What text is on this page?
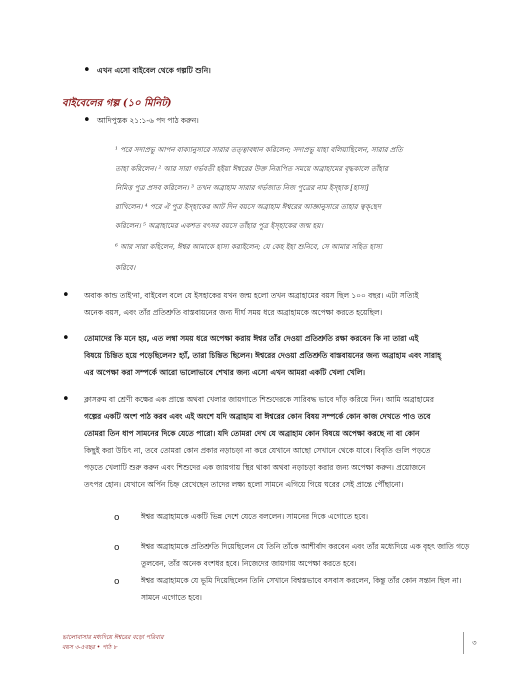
• এখন এসো বাইবেল থেকে গল্পটি শুনি।
বাইবেলের গল্প (১০ মিনিট)
• আদিপুস্তক ২১:১-৬ পদ পাঠ করুন।
¹ পরে সদাপ্রভু আপন বাক্যানুসারে সারার তত্ত্বাবধান করিলেন; সদাপ্রভু যাহা বলিয়াছিলেন, সারার প্রতি
তাহা করিলেন। ² আর সারা গর্ভবতী হইয়া ঈশ্বরের উক্ত নিরূপিত সময়ে অব্রাহামের বৃদ্ধকালে তাঁহার
নিমিত্ত পুত্র প্রসব করিলেন। ³ তখন অব্রাহাম সারার গর্ভজাত নিজ পুত্রের নাম ইস্‌হাক [হাস্য]
রাখিলেন। ⁴ পরে ঐ পুত্র ইস্‌হাকের আট দিন বয়সে অব্রাহাম ঈশ্বরের আজ্ঞানুসারে তাহার ত্বক্‌ছেদ
করিলেন। ⁵ অব্রাহামের একশত বৎসর বয়সে তাঁহার পুত্র ইস্‌হাকের জন্ম হয়।
⁶ আর সারা কহিলেন, ঈশ্বর আমাকে হাস্য করাইলেন; যে কেহ ইহা শুনিবে, সে আমার সহিত হাস্য
করিবে।
• অবাক কান্ড তাই'না, বাইবেল বলে যে ইসহাকের যখন জন্ম হলো তখন অব্রাহামের বয়স ছিল ১০০ বছর। এটা সত্যিই
অনেক বয়স, এবং তাঁর প্রতিশ্রুতি বাস্তবায়নের জন্য দীর্ঘ সময় ধরে অব্রাহামকে অপেক্ষা করতে হয়েছিল।
• তোমাদের কি মনে হয়, এত লম্বা সময় ধরে অপেক্ষা করায় ঈশ্বর তাঁর দেওয়া প্রতিশ্রুতি রক্ষা করবেন কি না তারা এই
বিষয়ে চিন্তিত হয়ে পড়েছিলেন? হ্যাঁ, তারা চিন্তিত ছিলেন। ঈশ্বরের দেওয়া প্রতিশ্রুতি বাস্তবায়নের জন্য অব্রাহাম এবং সারাহ্‌
এর অপেক্ষা করা সম্পর্কে আরো ভালোভাবে শেখার জন্য এসো এখন আমরা একটি খেলা খেলি।
• ক্লাসরুম বা শ্রেণী কক্ষের এক প্রান্তে অথবা খেলার জায়গাতে শিশুদেরকে সারিবদ্ধ ভাবে দাঁড় করিয়ে দিন। আমি অব্রাহামের
গল্পের একটি অংশ পাঠ করব এবং এই অংশে যদি অব্রাহাম বা ঈশ্বরের কোন বিষয় সম্পর্কে কোন কাজ দেখতে পাও তবে
তোমরা তিন ধাপ সামনের দিকে যেতে পারো। যদি তোমরা দেখ যে অব্রাহাম কোন বিষয়ে অপেক্ষা করছে না বা কোন
কিছুই করা উচিৎ না, তবে তোমরা কোন প্রকার নড়াচড়া না করে যেখানে আছো সেখানে থেকে যাবে। বিবৃতি গুলি পড়তে
পড়তে খেলাটি শুরু করুন এবং শিশুদের এক জায়গায় স্থির থাকা অথবা নড়াচড়া করার জন্য অপেক্ষা করুন। প্রয়োজনে
তৎপর হোন। যেখানে অর্পিন চিহ্ন রেখেছেন তাদের লক্ষ্য হলো সামনে এগিয়ে গিয়ে ঘরের সেই প্রান্তে পৌঁছানো।
o	ঈশ্বর অব্রাহামকে একটি ভিন্ন দেশে যেতে বললেন। সামনের দিকে এগোতে হবে।
o	ঈশ্বর অব্রাহামকে প্রতিশ্রুতি দিয়েছিলেন যে তিনি তাঁকে আশীর্বাদ করবেন এবং তাঁর মধ্যেদিয়ে এক বৃহৎ জাতি গড়ে
তুলবেন, তাঁর অনেক বংশধর হবে। নিজেদের জায়গায় অপেক্ষা করতে হবে।
o	ঈশ্বর অব্রাহামকে যে ভূমি দিয়েছিলেন তিনি সেখানে বিশ্বস্তভাবে বসবাস করলেন, কিন্তু তাঁর কোন সন্তান ছিল না।
সামনে এগোতে হবে।
ভালোবাসার মধ্যদিয়ে ঈশ্বরের বড়ো পরিবার
বয়স ৩-৫বছর • পাঠ ৮
৩
